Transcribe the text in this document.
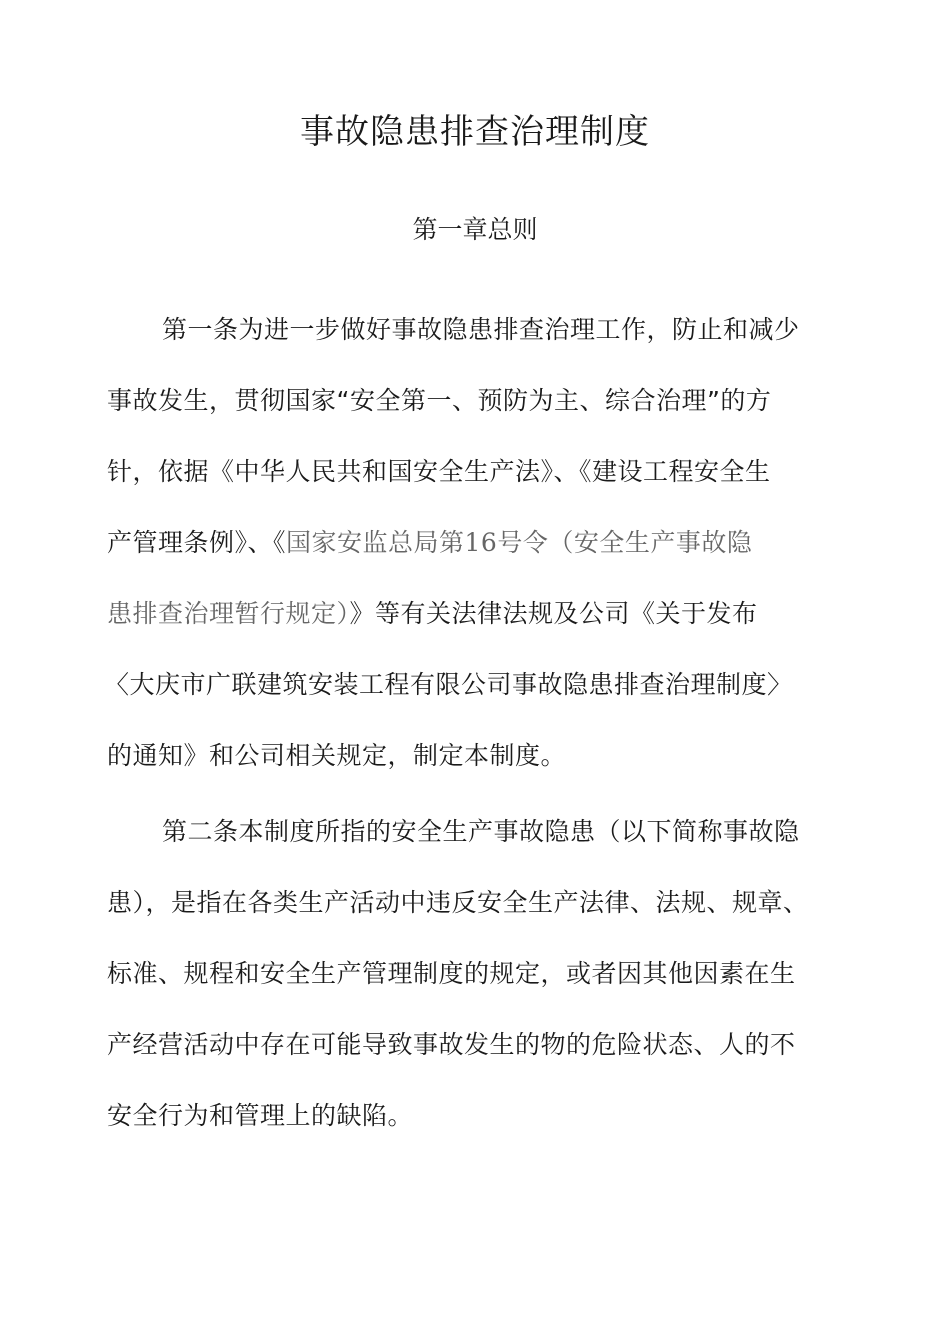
事故隐患排查治理制度
第一章总则
第一条为进一步做好事故隐患排查治理工作，防止和减少
事故发生，贯彻国家“安全第一、预防为主、综合治理”的方
针，依据《中华人民共和国安全生产法》、《建设工程安全生
产管理条例》、《国家安监总局第16号令（安全生产事故隐
患排查治理暂行规定）》等有关法律法规及公司《关于发布
〈大庆市广联建筑安装工程有限公司事故隐患排查治理制度〉
的通知》和公司相关规定，制定本制度。
第二条本制度所指的安全生产事故隐患（以下简称事故隐
患），是指在各类生产活动中违反安全生产法律、法规、规章、
标准、规程和安全生产管理制度的规定，或者因其他因素在生
产经营活动中存在可能导致事故发生的物的危险状态、人的不
安全行为和管理上的缺陷。
